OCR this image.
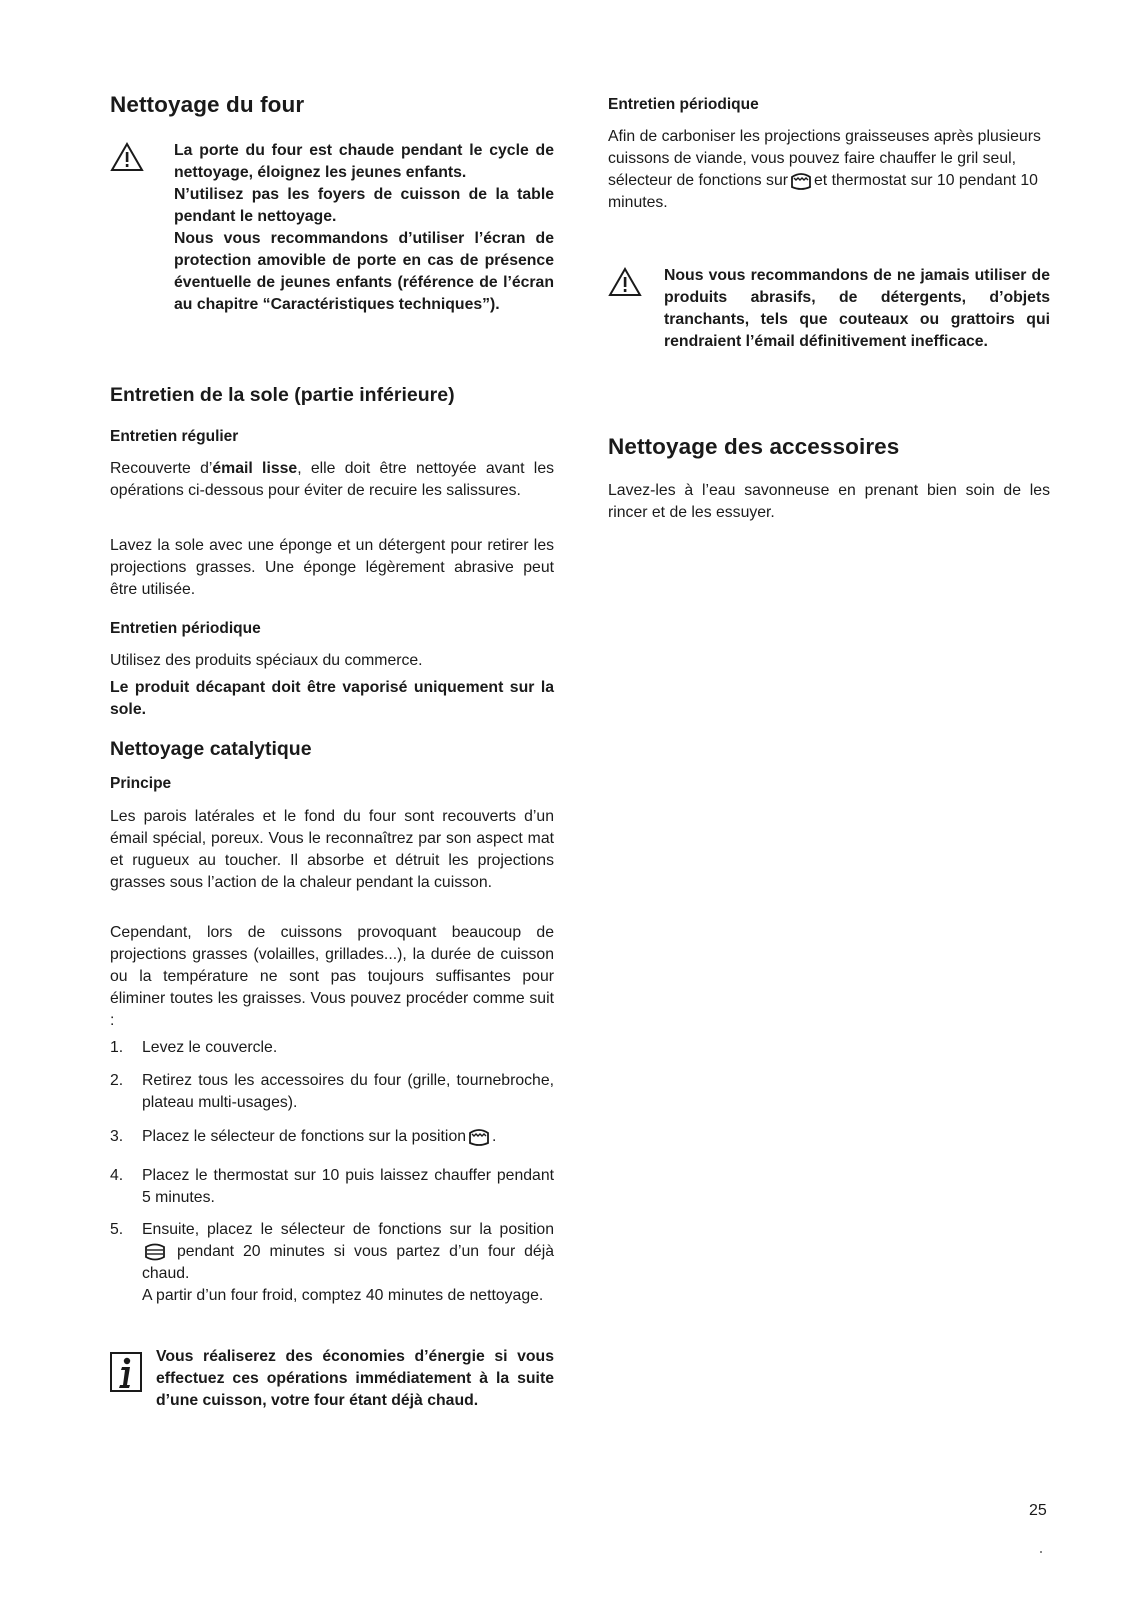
Nettoyage du four

La porte du four est chaude pendant le cycle de nettoyage, éloignez les jeunes enfants.

N’utilisez pas les foyers de cuisson de la table pendant le nettoyage.

Nous vous recommandons d’utiliser l’écran de protection amovible de porte en cas de présence éventuelle de jeunes enfants (référence de l’écran au chapitre “Caractéristiques techniques”).

Entretien de la sole (partie inférieure)
Entretien régulier

Recouverte d’émail lisse, elle doit être nettoyée avant les opérations ci-dessous pour éviter de recuire les salissures.

Lavez la sole avec une éponge et un détergent pour retirer les projections grasses. Une éponge légèrement abrasive peut être utilisée.

Entretien périodique

Utilisez des produits spéciaux du commerce.

Le produit décapant doit être vaporisé uniquement sur la sole.

Nettoyage catalytique
Principe

Les parois latérales et le fond du four sont recouverts d’un émail spécial, poreux. Vous le reconnaîtrez par son aspect mat et rugueux au toucher. Il absorbe et détruit les projections grasses sous l’action de la chaleur pendant la cuisson.

Cependant, lors de cuissons provoquant beaucoup de projections grasses (volailles, grillades...), la durée de cuisson ou la température ne sont pas toujours suffisantes pour éliminer toutes les graisses. Vous pouvez procéder comme suit :

1.	Levez le couvercle.
2.	Retirez tous les accessoires du four (grille, tournebroche, plateau multi-usages).
3.	Placez le sélecteur de fonctions sur la position .
4.	Placez le thermostat sur 10 puis laissez chauffer pendant 5 minutes.
5.	Ensuite, placez le sélecteur de fonctions sur la position  pendant 20 minutes si vous partez d’un four déjà chaud.
A partir d’un four froid, comptez 40 minutes de nettoyage.

Vous réaliserez des économies d’énergie si vous effectuez ces opérations immédiatement à la suite d’une cuisson, votre four étant déjà chaud.

Entretien périodique

Afin de carboniser les projections graisseuses après plusieurs cuissons de viande, vous pouvez faire chauffer le gril seul, sélecteur de fonctions sur et thermostat sur 10 pendant 10 minutes.

Nous vous recommandons de ne jamais utiliser de produits abrasifs, de détergents, d’objets tranchants, tels que couteaux ou grattoirs qui rendraient l’émail définitivement inefficace.

Nettoyage des accessoires

Lavez-les à l’eau savonneuse en prenant bien soin de les rincer et de les essuyer.

25
